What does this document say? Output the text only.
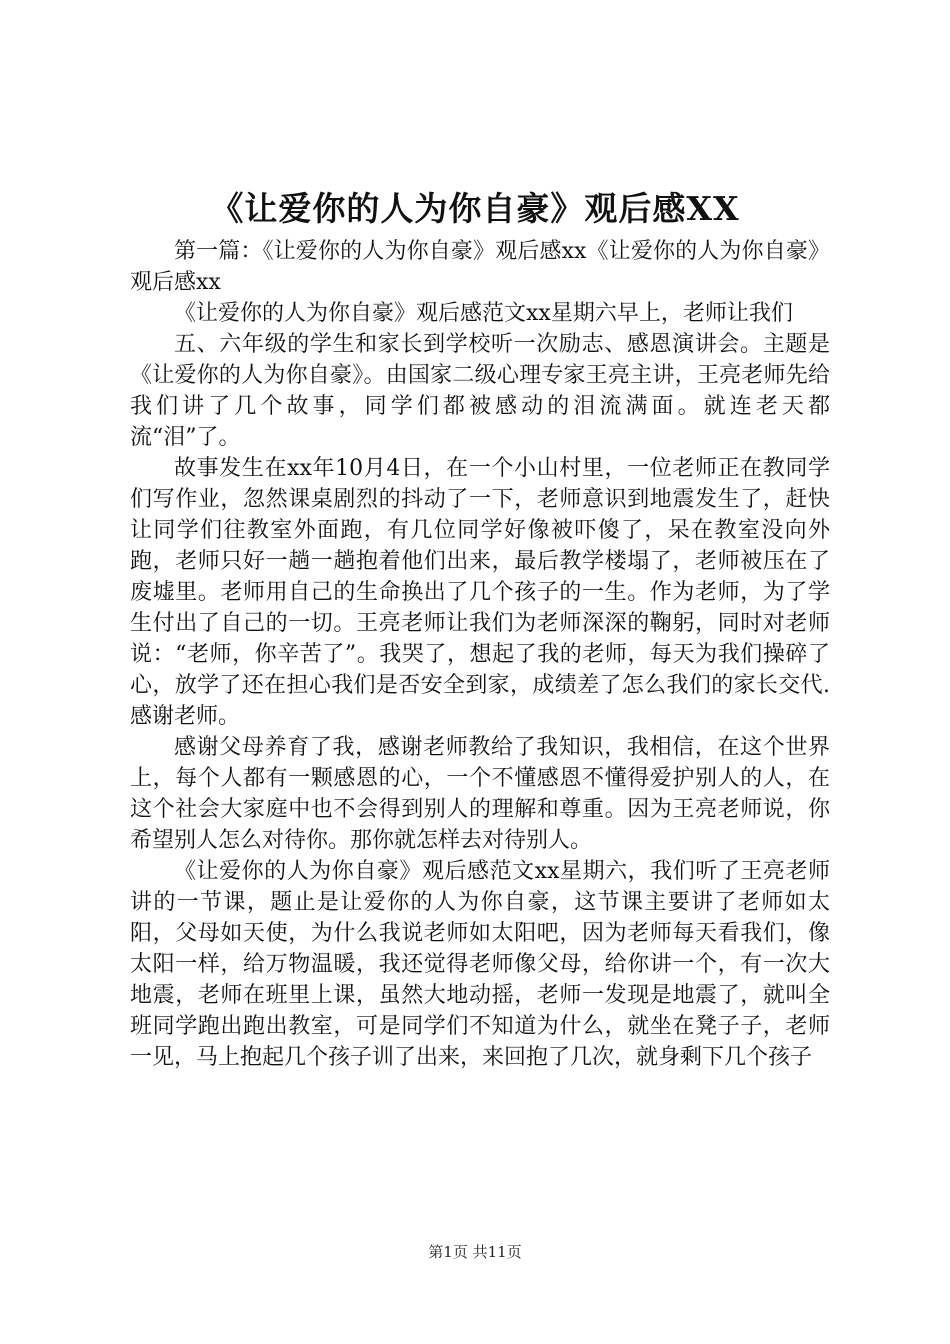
《让爱你的人为你自豪》观后感XX

第一篇：《让爱你的人为你自豪》观后感xx《让爱你的人为你自豪》观后感xx

《让爱你的人为你自豪》观后感范文xx星期六早上，老师让我们

五、六年级的学生和家长到学校听一次励志、感恩演讲会。主题是《让爱你的人为你自豪》。由国家二级心理专家王亮主讲，王亮老师先给我们讲了几个故事，同学们都被感动的泪流满面。就连老天都流“泪”了。

故事发生在xx年10月4日，在一个小山村里，一位老师正在教同学们写作业，忽然课桌剧烈的抖动了一下，老师意识到地震发生了，赶快让同学们往教室外面跑，有几位同学好像被吓傻了，呆在教室没向外跑，老师只好一趟一趟抱着他们出来，最后教学楼塌了，老师被压在了废墟里。老师用自己的生命换出了几个孩子的一生。作为老师，为了学生付出了自己的一切。王亮老师让我们为老师深深的鞠躬，同时对老师说：“老师，你辛苦了”。我哭了，想起了我的老师，每天为我们操碎了心，放学了还在担心我们是否安全到家，成绩差了怎么我们的家长交代.感谢老师。

感谢父母养育了我，感谢老师教给了我知识，我相信，在这个世界上，每个人都有一颗感恩的心，一个不懂感恩不懂得爱护别人的人，在这个社会大家庭中也不会得到别人的理解和尊重。因为王亮老师说，你希望别人怎么对待你。那你就怎样去对待别人。

《让爱你的人为你自豪》观后感范文xx星期六，我们听了王亮老师讲的一节课，题止是让爱你的人为你自豪，这节课主要讲了老师如太阳，父母如天使，为什么我说老师如太阳吧，因为老师每天看我们，像太阳一样，给万物温暖，我还觉得老师像父母，给你讲一个，有一次大地震，老师在班里上课，虽然大地动摇，老师一发现是地震了，就叫全班同学跑出跑出教室，可是同学们不知道为什么，就坐在凳子子，老师一见，马上抱起几个孩子训了出来，来回抱了几次，就身剩下几个孩子

第1页 共11页
